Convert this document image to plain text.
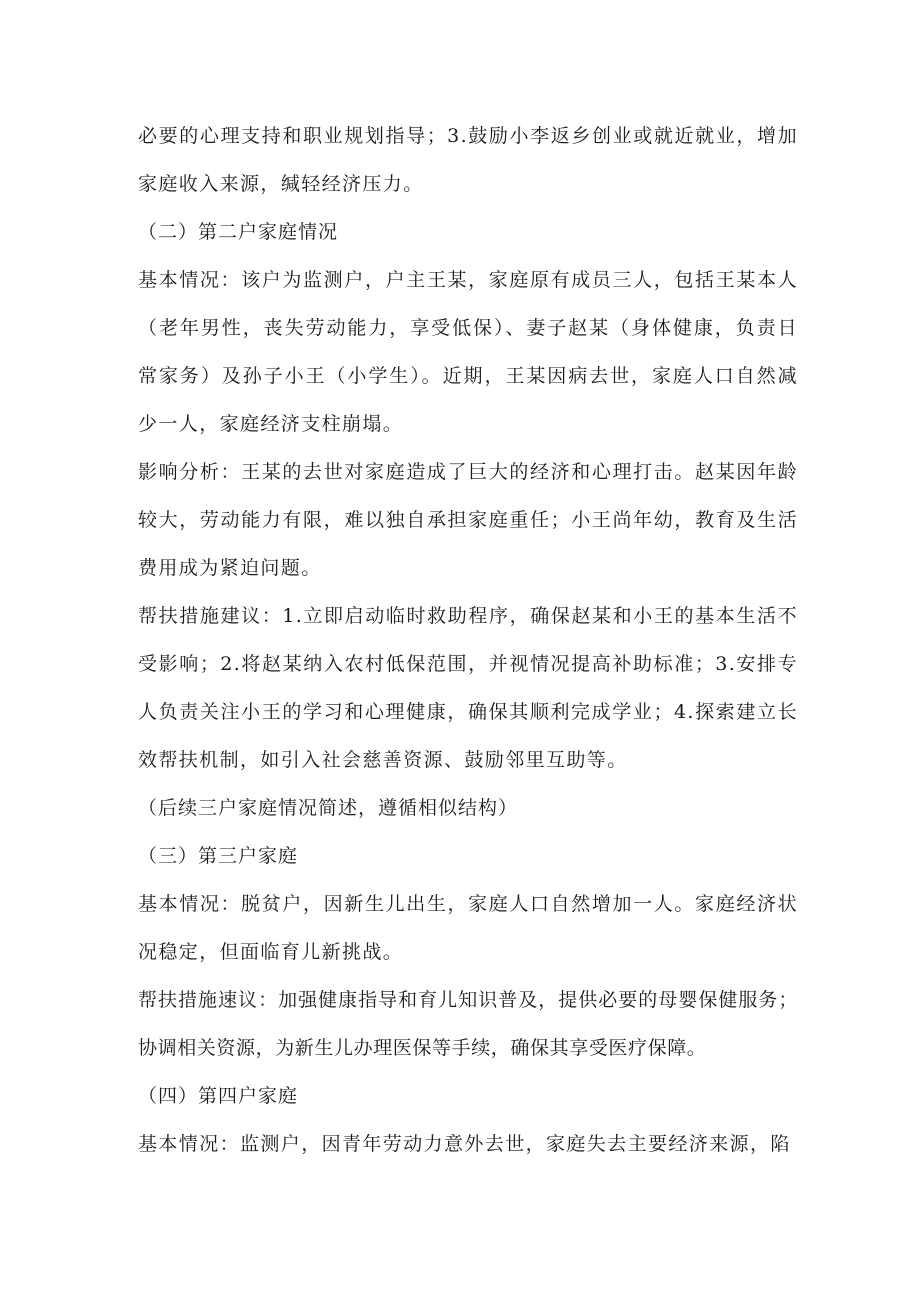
必要的心理支持和职业规划指导；3.鼓励小李返乡创业或就近就业，增加家庭收入来源，缄轻经济压力。

（二）第二户家庭情况

基本情况：该户为监测户，户主王某，家庭原有成员三人，包括王某本人（老年男性，丧失劳动能力，享受低保）、妻子赵某（身体健康，负责日常家务）及孙子小王（小学生）。近期，王某因病去世，家庭人口自然减少一人，家庭经济支柱崩塌。

影响分析：王某的去世对家庭造成了巨大的经济和心理打击。赵某因年龄较大，劳动能力有限，难以独自承担家庭重任；小王尚年幼，教育及生活费用成为紧迫问题。

帮扶措施建议：1.立即启动临时救助程序，确保赵某和小王的基本生活不受影响；2.将赵某纳入农村低保范围，并视情况提高补助标准；3.安排专人负责关注小王的学习和心理健康，确保其顺利完成学业；4.探索建立长效帮扶机制，如引入社会慈善资源、鼓励邻里互助等。

（后续三户家庭情况简述，遵循相似结构）

（三）第三户家庭

基本情况：脱贫户，因新生儿出生，家庭人口自然增加一人。家庭经济状况稳定，但面临育儿新挑战。

帮扶措施速议：加强健康指导和育儿知识普及，提供必要的母婴保健服务；协调相关资源，为新生儿办理医保等手续，确保其享受医疗保障。

（四）第四户家庭

基本情况：监测户，因青年劳动力意外去世，家庭失去主要经济来源，陷
